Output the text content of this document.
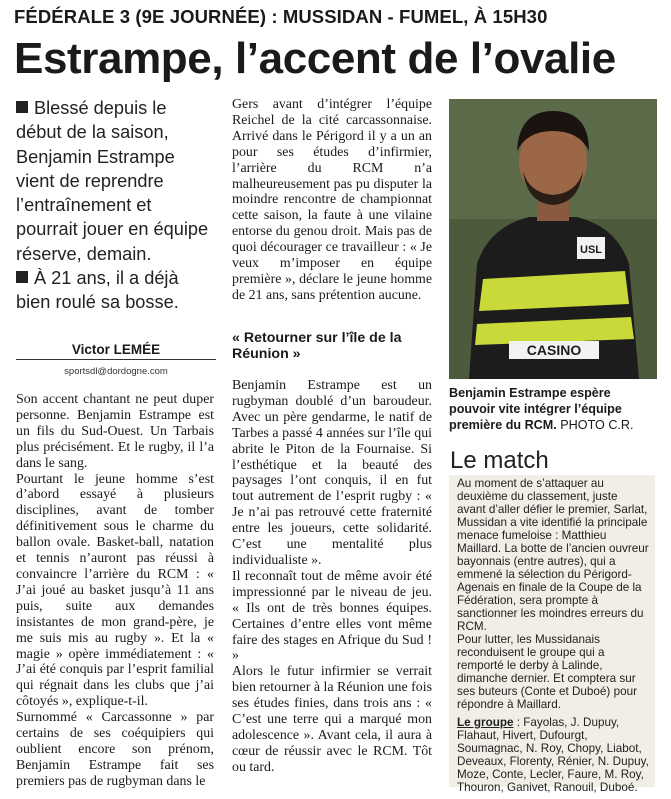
FÉDÉRALE 3 (9E JOURNÉE) : MUSSIDAN - FUMEL, À 15H30
Estrampe, l’accent de l’ovalie

Blessé depuis le début de la saison, Benjamin Estrampe vient de reprendre l’entraînement et pourrait jouer en équipe réserve, demain.

À 21 ans, il a déjà bien roulé sa bosse.

Victor LEMÉE
sportsdl@dordogne.com

Son accent chantant ne peut duper personne. Benjamin Estrampe est un fils du Sud-Ouest. Un Tarbais plus précisément. Et le rugby, il l’a dans le sang.

Pourtant le jeune homme s’est d’abord essayé à plusieurs disciplines, avant de tomber définitivement sous le charme du ballon ovale. Basket-ball, natation et tennis n’auront pas réussi à convaincre l’arrière du RCM : « J’ai joué au basket jusqu’à 11 ans puis, suite aux demandes insistantes de mon grand-père, je me suis mis au rugby ». Et la « magie » opère immédiatement : « J’ai été conquis par l’esprit familial qui régnait dans les clubs que j’ai côtoyés », explique-t-il.

Surnommé « Carcassonne » par certains de ses coéquipiers qui oublient encore son prénom, Benjamin Estrampe fait ses premiers pas de rugbyman dans le

Gers avant d’intégrer l’équipe Reichel de la cité carcassonnaise. Arrivé dans le Périgord il y a un an pour ses études d’infirmier, l’arrière du RCM n’a malheureusement pas pu disputer la moindre rencontre de championnat cette saison, la faute à une vilaine entorse du genou droit. Mais pas de quoi décourager ce travailleur : « Je veux m’imposer en équipe première », déclare le jeune homme de 21 ans, sans prétention aucune.

« Retourner sur l’île de la Réunion »

Benjamin Estrampe est un rugbyman doublé d’un baroudeur. Avec un père gendarme, le natif de Tarbes a passé 4 années sur l’île qui abrite le Piton de la Fournaise. Si l’esthétique et la beauté des paysages l’ont conquis, il en fut tout autrement de l’esprit rugby : « Je n’ai pas retrouvé cette fraternité entre les joueurs, cette solidarité. C’est une mentalité plus individualiste ».

Il reconnaît tout de même avoir été impressionné par le niveau de jeu. « Ils ont de très bonnes équipes. Certaines d’entre elles vont même faire des stages en Afrique du Sud ! »

Alors le futur infirmier se verrait bien retourner à la Réunion une fois ses études finies, dans trois ans : « C’est une terre qui a marqué mon adolescence ». Avant cela, il aura à cœur de réussir avec le RCM. Tôt ou tard.

CASINO
USL
Benjamin Estrampe espère pouvoir vite intégrer l’équipe première du RCM. PHOTO C.R.
Le match

Au moment de s’attaquer au deuxième du classement, juste avant d’aller défier le premier, Sarlat, Mussidan a vite identifié la principale menace fumeloise : Matthieu Maillard. La botte de l’ancien ouvreur bayonnais (entre autres), qui a emmené la sélection du Périgord-Agenais en finale de la Coupe de la Fédération, sera prompte à sanctionner les moindres erreurs du RCM.

Pour lutter, les Mussidanais reconduisent le groupe qui a remporté le derby à Lalinde, dimanche dernier. Et comptera sur ses buteurs (Conte et Duboé) pour répondre à Maillard.

Le groupe : Fayolas, J. Dupuy, Flahaut, Hivert, Dufourgt, Soumagnac, N. Roy, Chopy, Liabot, Deveaux, Florenty, Rénier, N. Dupuy, Moze, Conte, Lecler, Faure, M. Roy, Thouron, Ganivet, Ranouil, Duboé.
